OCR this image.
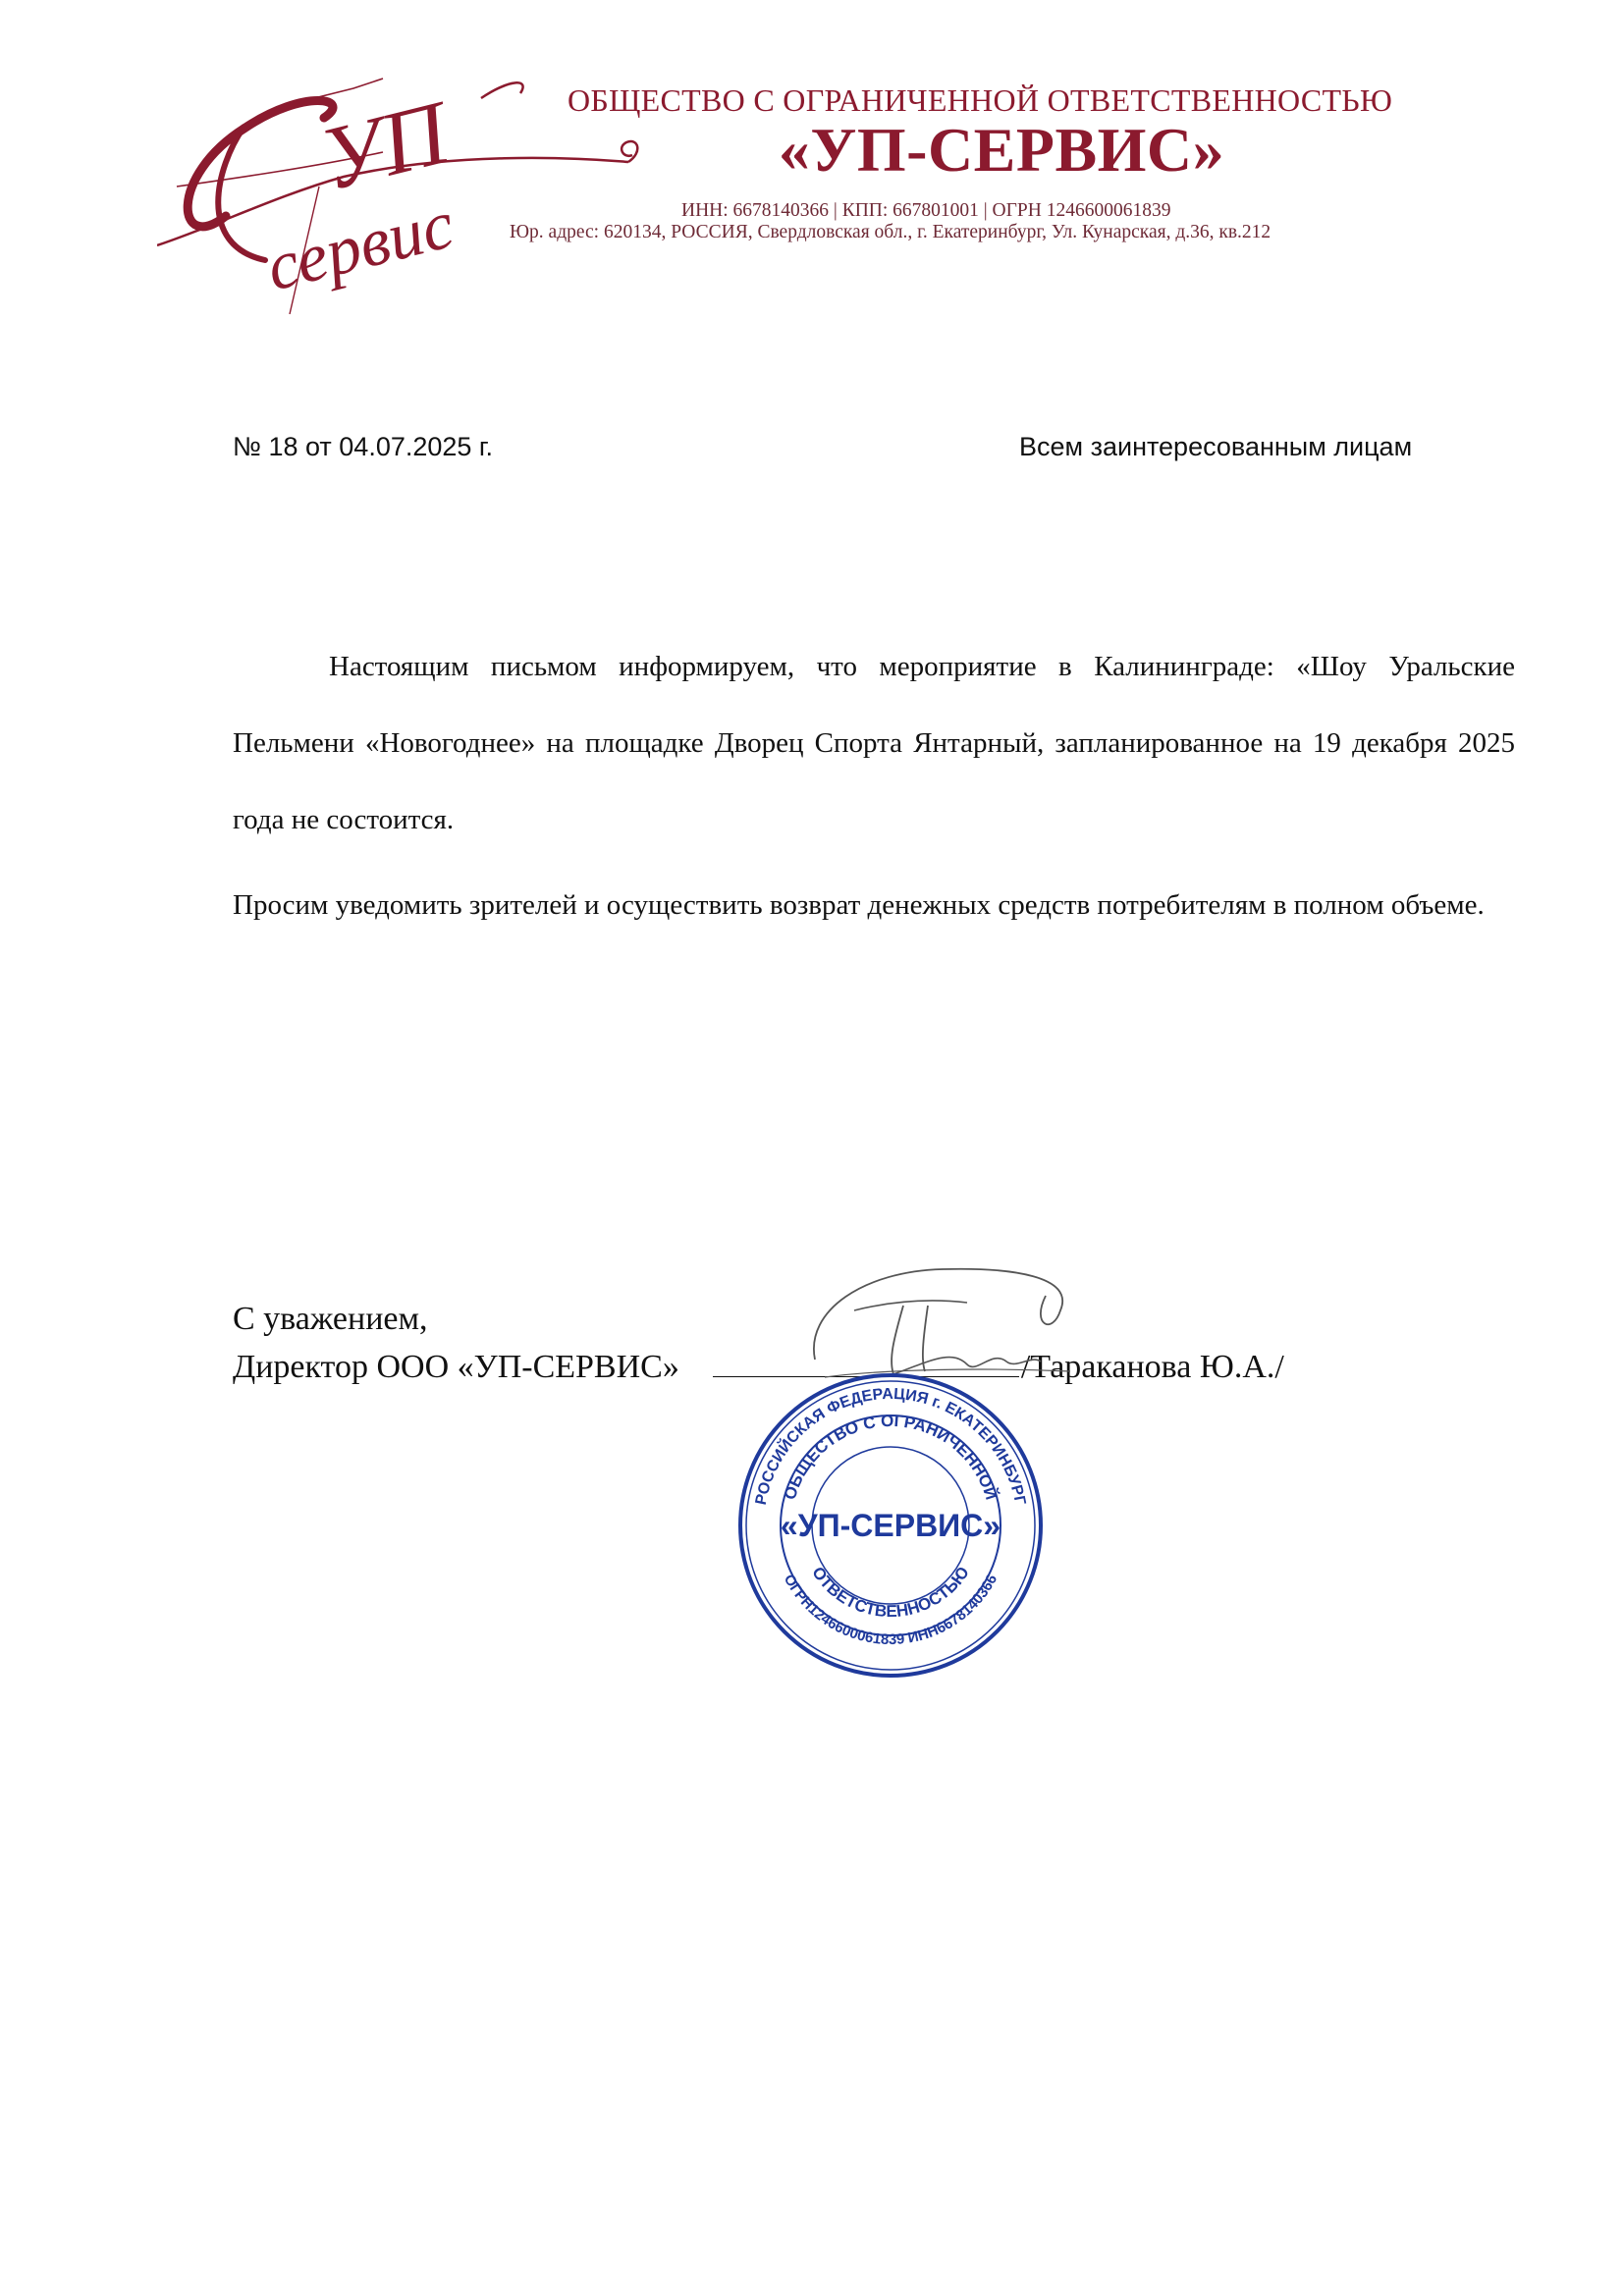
УП
сервис
ОБЩЕСТВО С ОГРАНИЧЕННОЙ ОТВЕТСТВЕННОСТЬЮ
«УП-СЕРВИС»
ИНН: 6678140366 | КПП: 667801001 | ОГРН 1246600061839
Юр. адрес: 620134, РОССИЯ, Свердловская обл., г. Екатеринбург, Ул. Кунарская, д.36, кв.212
№ 18 от 04.07.2025 г.	Всем заинтересованным лицам

Настоящим письмом информируем, что мероприятие в Калининграде: «Шоу Уральские Пельмени «Новогоднее» на площадке Дворец Спорта Янтарный, запланированное на 19 декабря 2025 года не состоится.

Просим уведомить зрителей и осуществить возврат денежных средств потребителям в полном объеме.

С уважением,
Директор ООО «УП-СЕРВИС»	/Тараканова Ю.А./
РОССИЙСКАЯ ФЕДЕРАЦИЯ г. ЕКАТЕРИНБУРГ
ОБЩЕСТВО С ОГРАНИЧЕННОЙ
ОТВЕТСТВЕННОСТЬЮ
ОГРН1246600061839 ИНН6678140366
«УП-СЕРВИС»
